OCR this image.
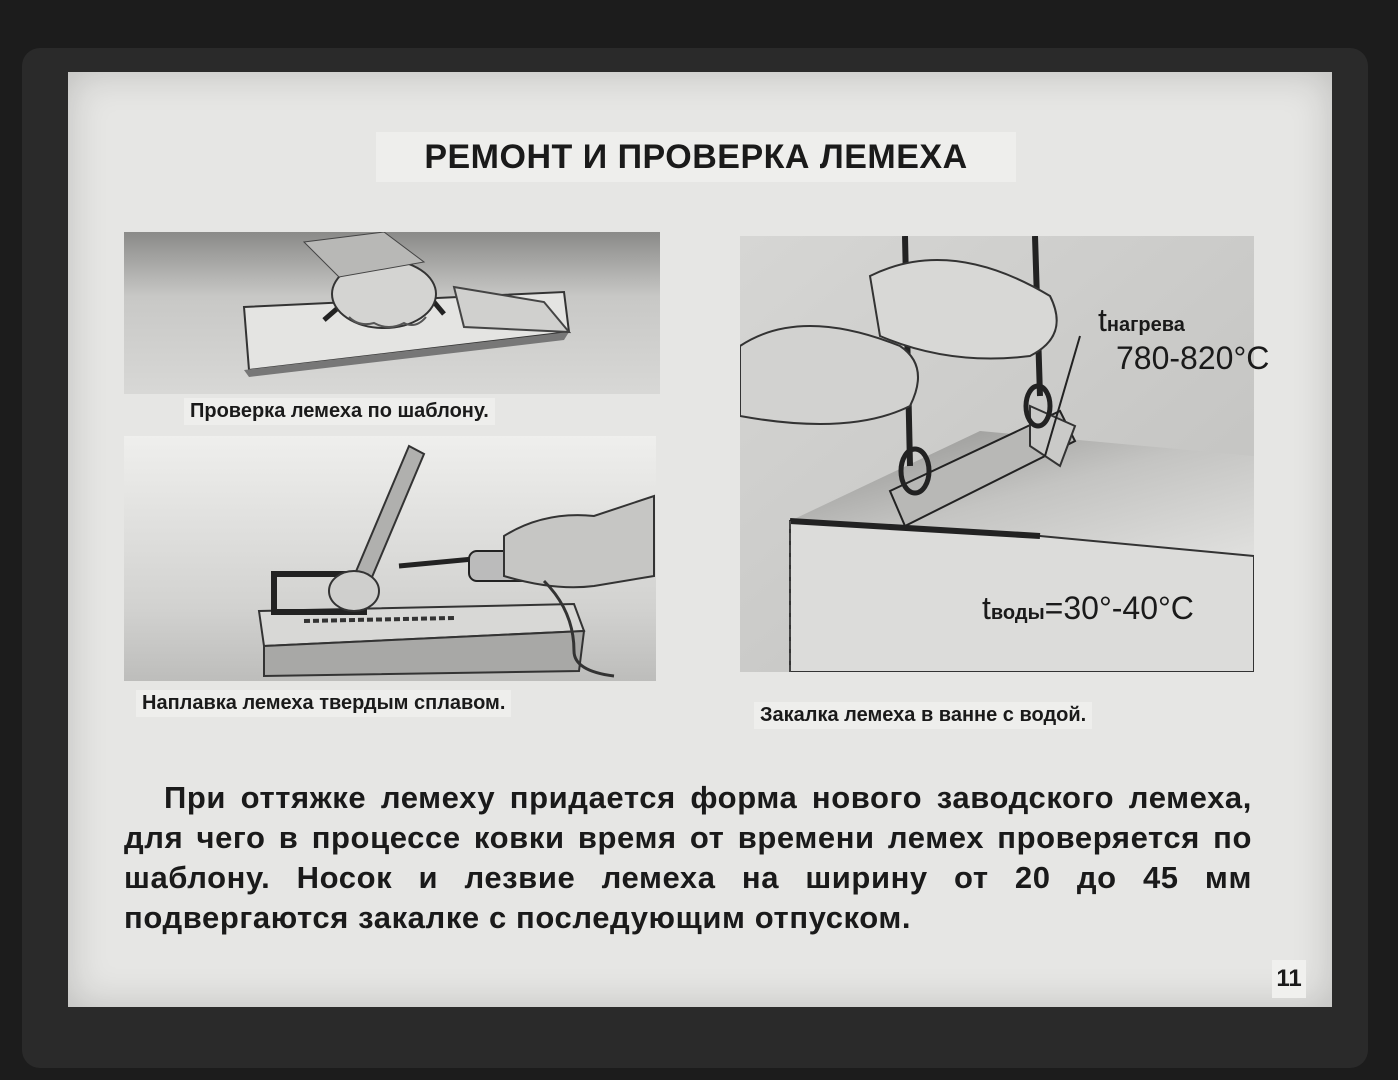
РЕМОНТ И ПРОВЕРКА ЛЕМЕХА
Проверка лемеха по шаблону.
Наплавка лемеха твердым сплавом.
tнагрева
780-820°C
tводы=30°-40°C
Закалка лемеха в ванне с водой.
При оттяжке лемеху придается форма нового заводского лемеха, для чего в процессе ковки время от времени лемех проверяется по шаблону. Носок и лезвие лемеха на ширину от 20 до 45 мм подвергаются закалке с последующим отпуском.
11
